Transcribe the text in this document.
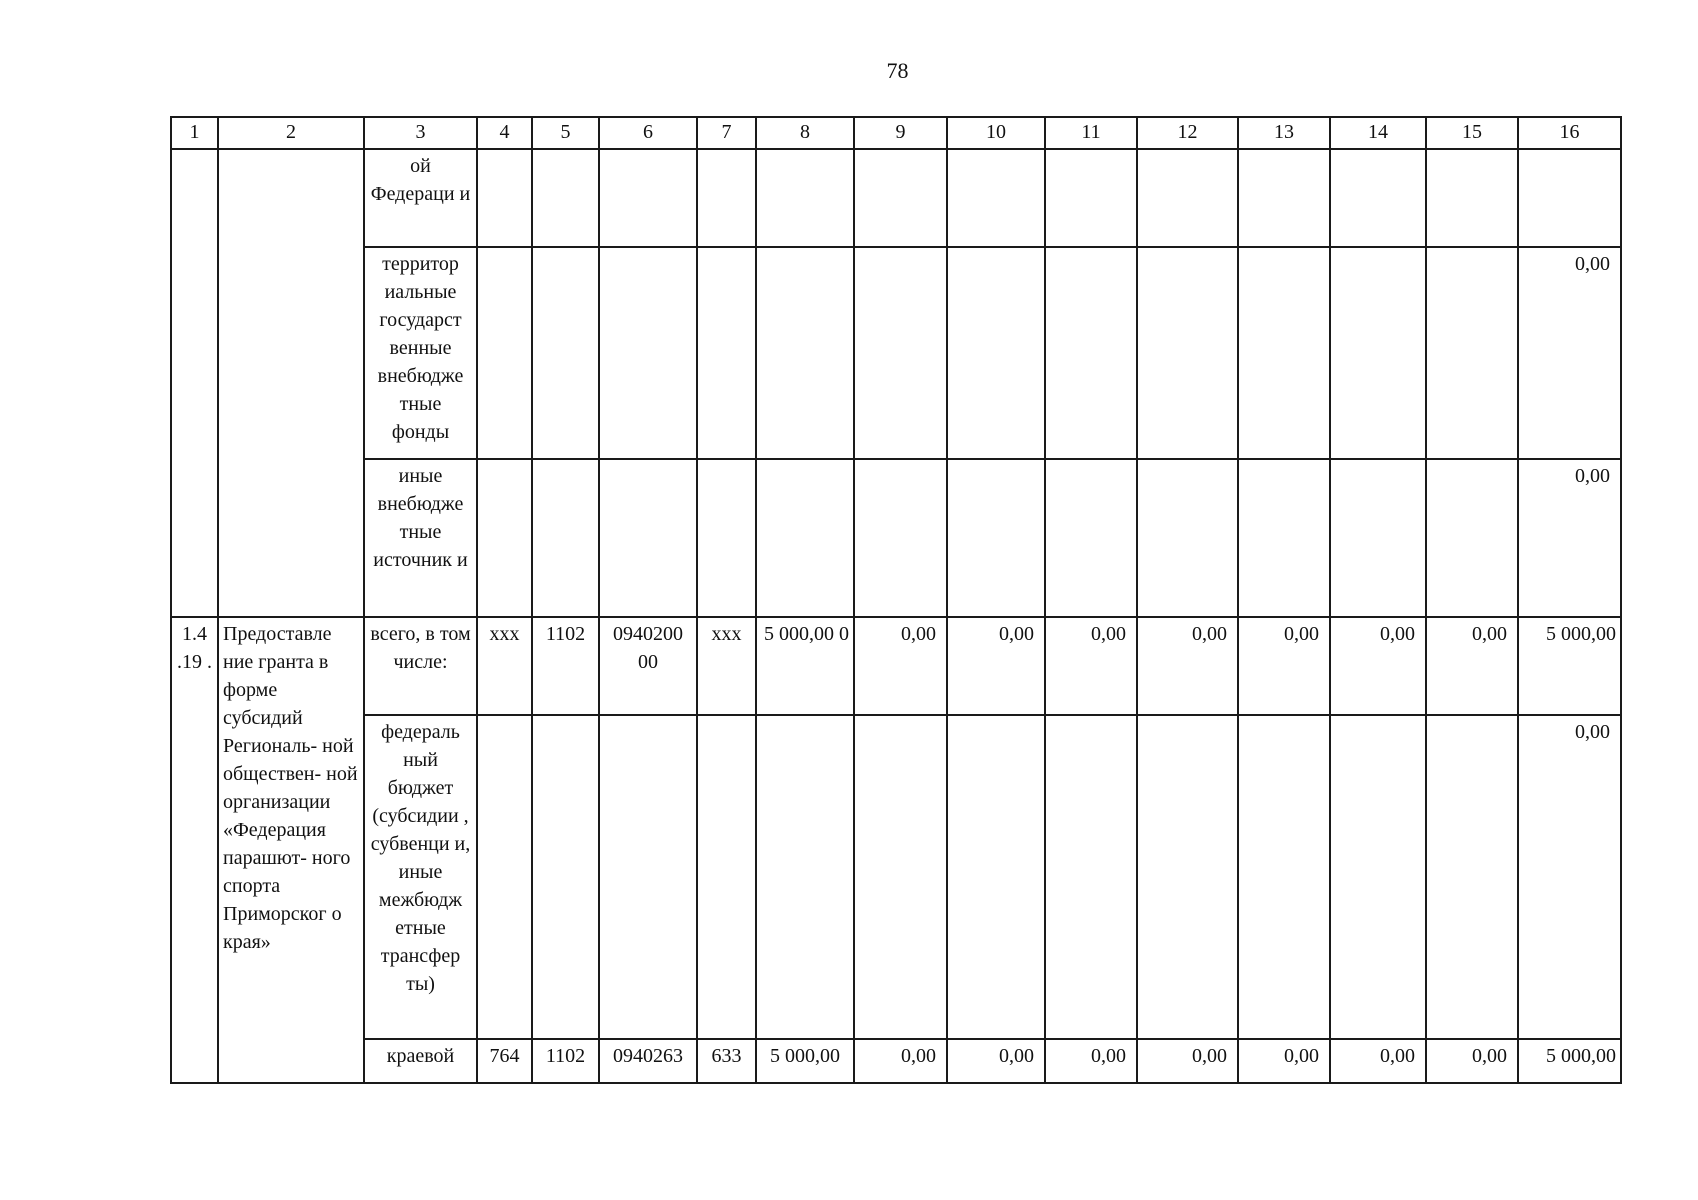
78
1	2	3	4	5	6	7	8	9	10	11	12	13	14	15	16
		ой Федераци и													
		территор иальные государст венные внебюдже тные фонды													0,00
		иные внебюдже тные источник и													0,00
1.4 .19 .	Предоставле ние гранта в форме субсидий Региональ- ной обществен- ной организации «Федерация парашют- ного спорта Приморског о края»	всего, в том числе:	xxx	1102	0940200 00	xxx	5 000,00 0	0,00	0,00	0,00	0,00	0,00	0,00	0,00	5 000,00
		федераль ный бюджет (субсидии , субвенци и, иные межбюдж етные трансфер ты)													0,00
		краевой	764	1102	0940263	633	5 000,00	0,00	0,00	0,00	0,00	0,00	0,00	0,00	5 000,00
